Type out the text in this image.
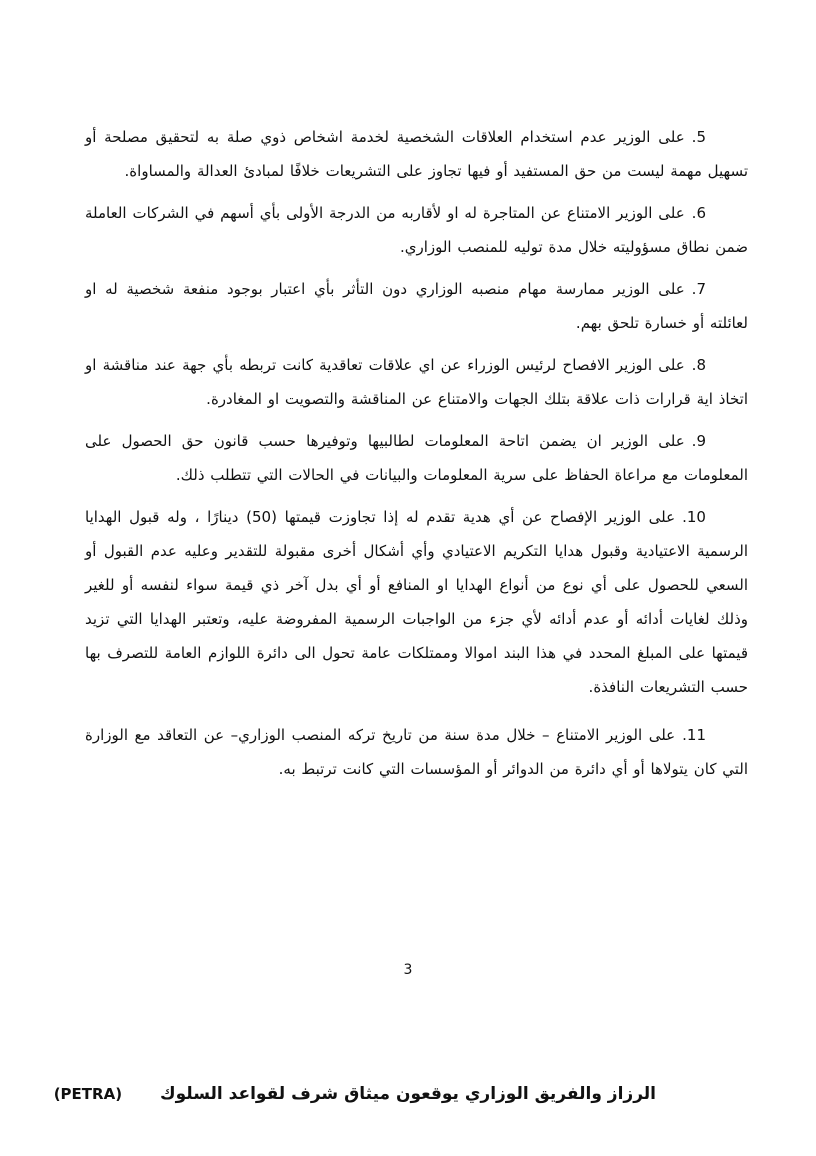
5.على الوزير عدم استخدام العلاقات الشخصية لخدمة اشخاص ذوي صلة به لتحقيق مصلحة أو تسهيل مهمة ليست من حق المستفيد أو فيها تجاوز على التشريعات خلافًا لمبادئ العدالة والمساواة.

6.على الوزير الامتناع عن المتاجرة له او لأقاربه من الدرجة الأولى بأي أسهم في الشركات العاملة ضمن نطاق مسؤوليته خلال مدة توليه للمنصب الوزاري.

7.على الوزير ممارسة مهام منصبه الوزاري دون التأثر بأي اعتبار بوجود منفعة شخصية له او لعائلته أو خسارة تلحق بهم.

8.على الوزير الافصاح لرئيس الوزراء عن اي علاقات تعاقدية كانت تربطه بأي جهة عند مناقشة او اتخاذ اية قرارات ذات علاقة بتلك الجهات والامتناع عن المناقشة والتصويت او المغادرة.

9.على الوزير ان يضمن اتاحة المعلومات لطالبيها وتوفيرها حسب قانون حق الحصول على المعلومات مع مراعاة الحفاظ على سرية المعلومات والبيانات في الحالات التي تتطلب ذلك.

10.على الوزير الإفصاح عن أي هدية تقدم له إذا تجاوزت قيمتها (50) دينارًا ، وله قبول الهدايا الرسمية الاعتيادية وقبول هدايا التكريم الاعتيادي وأي أشكال أخرى مقبولة للتقدير وعليه عدم القبول أو السعي للحصول على أي نوع من أنواع الهدايا او المنافع أو أي بدل آخر ذي قيمة سواء لنفسه أو للغير وذلك لغايات أدائه أو عدم أدائه لأي جزء من الواجبات الرسمية المفروضة عليه، وتعتبر الهدايا التي تزيد قيمتها على المبلغ المحدد في هذا البند اموالا وممتلكات عامة تحول الى دائرة اللوازم العامة للتصرف بها حسب التشريعات النافذة.

11.على الوزير الامتناع – خلال مدة سنة من تاريخ تركه المنصب الوزاري– عن التعاقد مع الوزارة التي كان يتولاها أو أي دائرة من الدوائر أو المؤسسات التي كانت ترتبط به.

3
الرزاز والفريق الوزاري يوقعون ميثاق شرف لقواعد السلوك
(PETRA)
